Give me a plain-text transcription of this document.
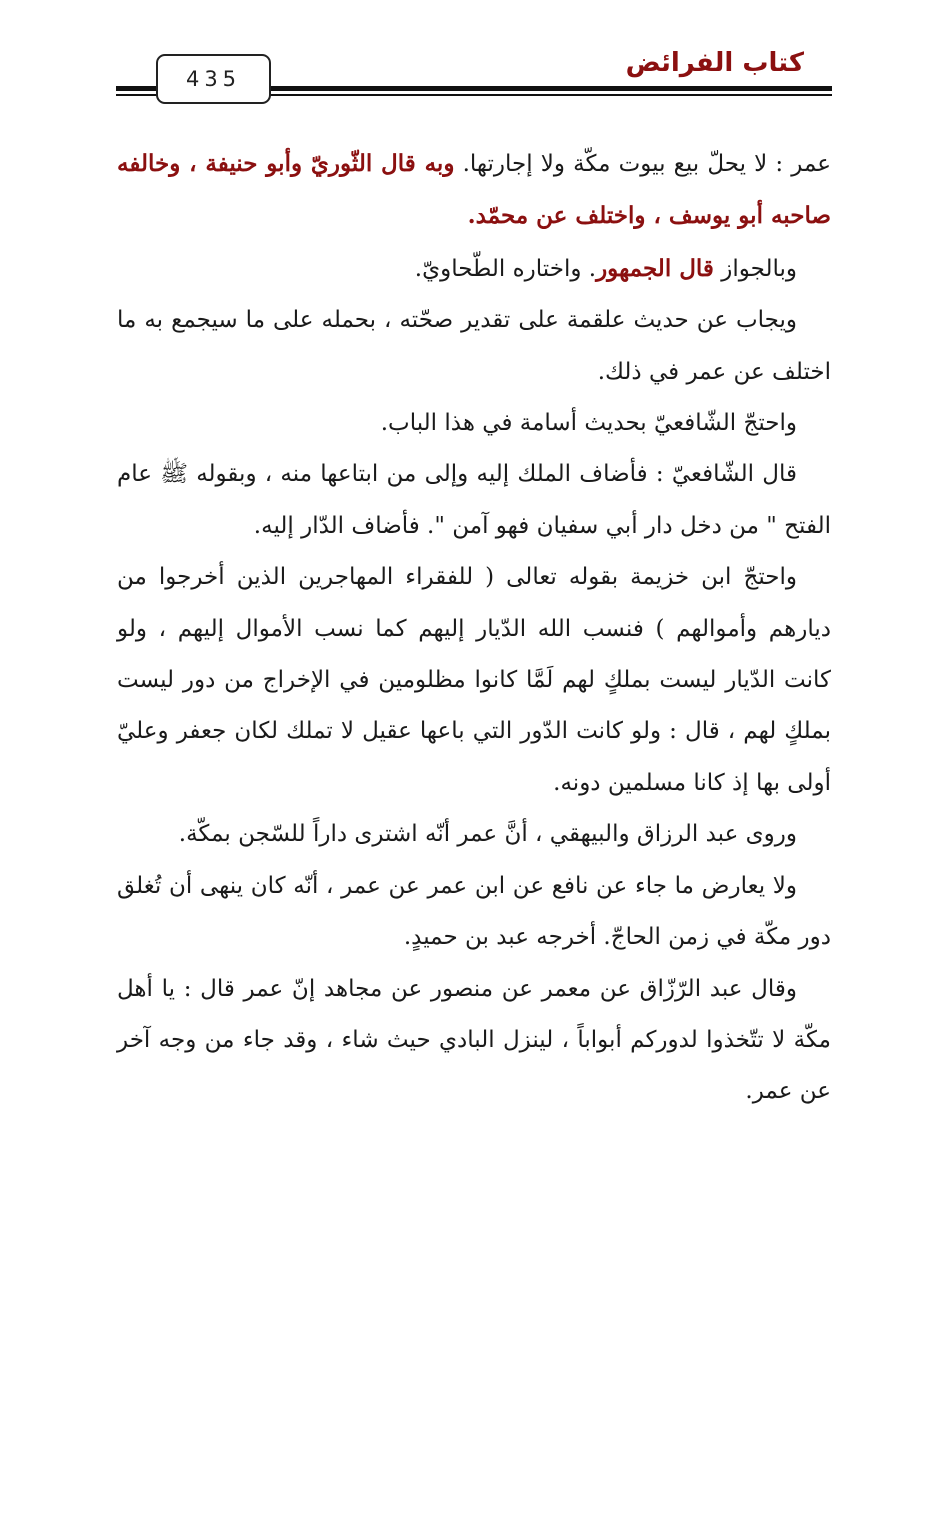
435
كتاب الفرائض

عمر : لا يحلّ بيع بيوت مكّة ولا إجارتها. وبه قال الثّوريّ وأبو حنيفة ، وخالفه صاحبه أبو يوسف ، واختلف عن محمّد.

وبالجواز قال الجمهور. واختاره الطّحاويّ.

ويجاب عن حديث علقمة على تقدير صحّته ، بحمله على ما سيجمع به ما اختلف عن عمر في ذلك.

واحتجّ الشّافعيّ بحديث أسامة في هذا الباب.

قال الشّافعيّ : فأضاف الملك إليه وإلى من ابتاعها منه ، وبقوله ﷺ عام الفتح " من دخل دار أبي سفيان فهو آمن ". فأضاف الدّار إليه.

واحتجّ ابن خزيمة بقوله تعالى ( للفقراء المهاجرين الذين أخرجوا من ديارهم وأموالهم ) فنسب الله الدّيار إليهم كما نسب الأموال إليهم ، ولو كانت الدّيار ليست بملكٍ لهم لَمَّا كانوا مظلومين في الإخراج من دور ليست بملكٍ لهم ، قال : ولو كانت الدّور التي باعها عقيل لا تملك لكان جعفر وعليّ أولى بها إذ كانا مسلمين دونه.

وروى عبد الرزاق والبيهقي ، أنَّ عمر أنّه اشترى داراً للسّجن بمكّة.

ولا يعارض ما جاء عن نافع عن ابن عمر عن عمر ، أنّه كان ينهى أن تُغلق دور مكّة في زمن الحاجّ. أخرجه عبد بن حميدٍ.

وقال عبد الرّزّاق عن معمر عن منصور عن مجاهد إنّ عمر قال : يا أهل مكّة لا تتّخذوا لدوركم أبواباً ، لينزل البادي حيث شاء ، وقد جاء من وجه آخر عن عمر.
